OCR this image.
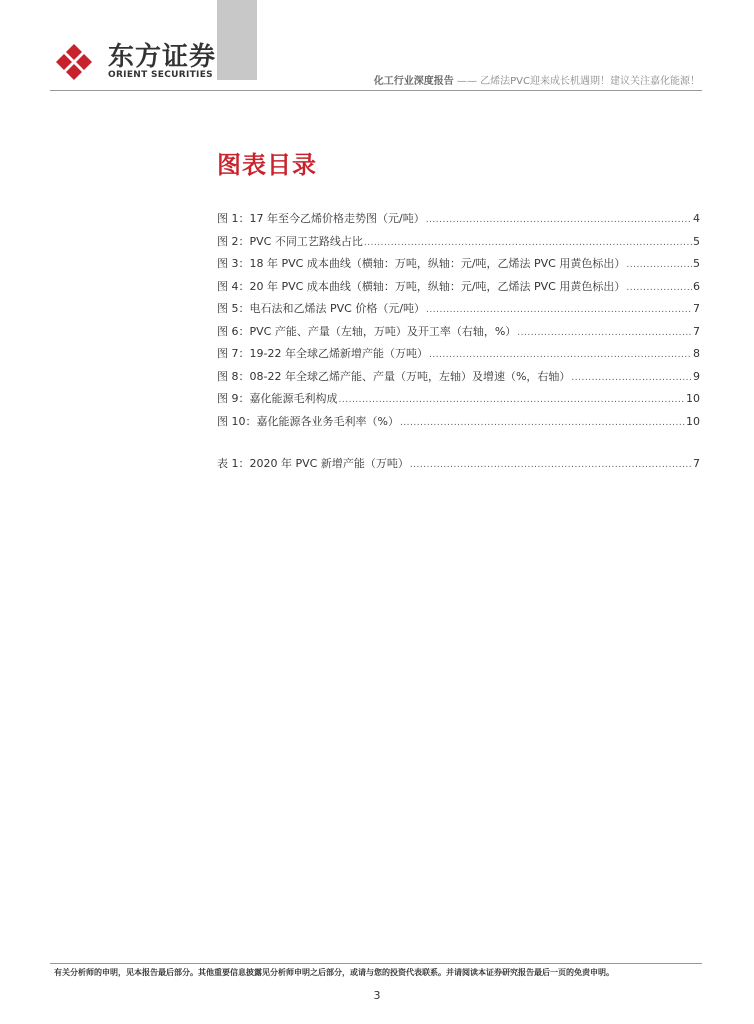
东方证券
ORIENT SECURITIES
化工行业深度报告 —— 乙烯法PVC迎来成长机遇期！建议关注嘉化能源！
图表目录
图 1：17 年至今乙烯价格走势图（元/吨） .....	4
图 2：PVC 不同工艺路线占比 .....	5
图 3：18 年 PVC 成本曲线（横轴：万吨，纵轴：元/吨，乙烯法 PVC 用黄色标出） .....	5
图 4：20 年 PVC 成本曲线（横轴：万吨，纵轴：元/吨，乙烯法 PVC 用黄色标出） .....	6
图 5：电石法和乙烯法 PVC 价格（元/吨） .....	7
图 6：PVC 产能、产量（左轴，万吨）及开工率（右轴，%） .....	7
图 7：19-22 年全球乙烯新增产能（万吨） .....	8
图 8：08-22 年全球乙烯产能、产量（万吨，左轴）及增速（%，右轴） .....	9
图 9：嘉化能源毛利构成 .....	10
图 10：嘉化能源各业务毛利率（%） .....	10
表 1：2020 年 PVC 新增产能（万吨） .....	7
有关分析师的申明，见本报告最后部分。其他重要信息披露见分析师申明之后部分，或请与您的投资代表联系。并请阅读本证券研究报告最后一页的免责申明。
3
